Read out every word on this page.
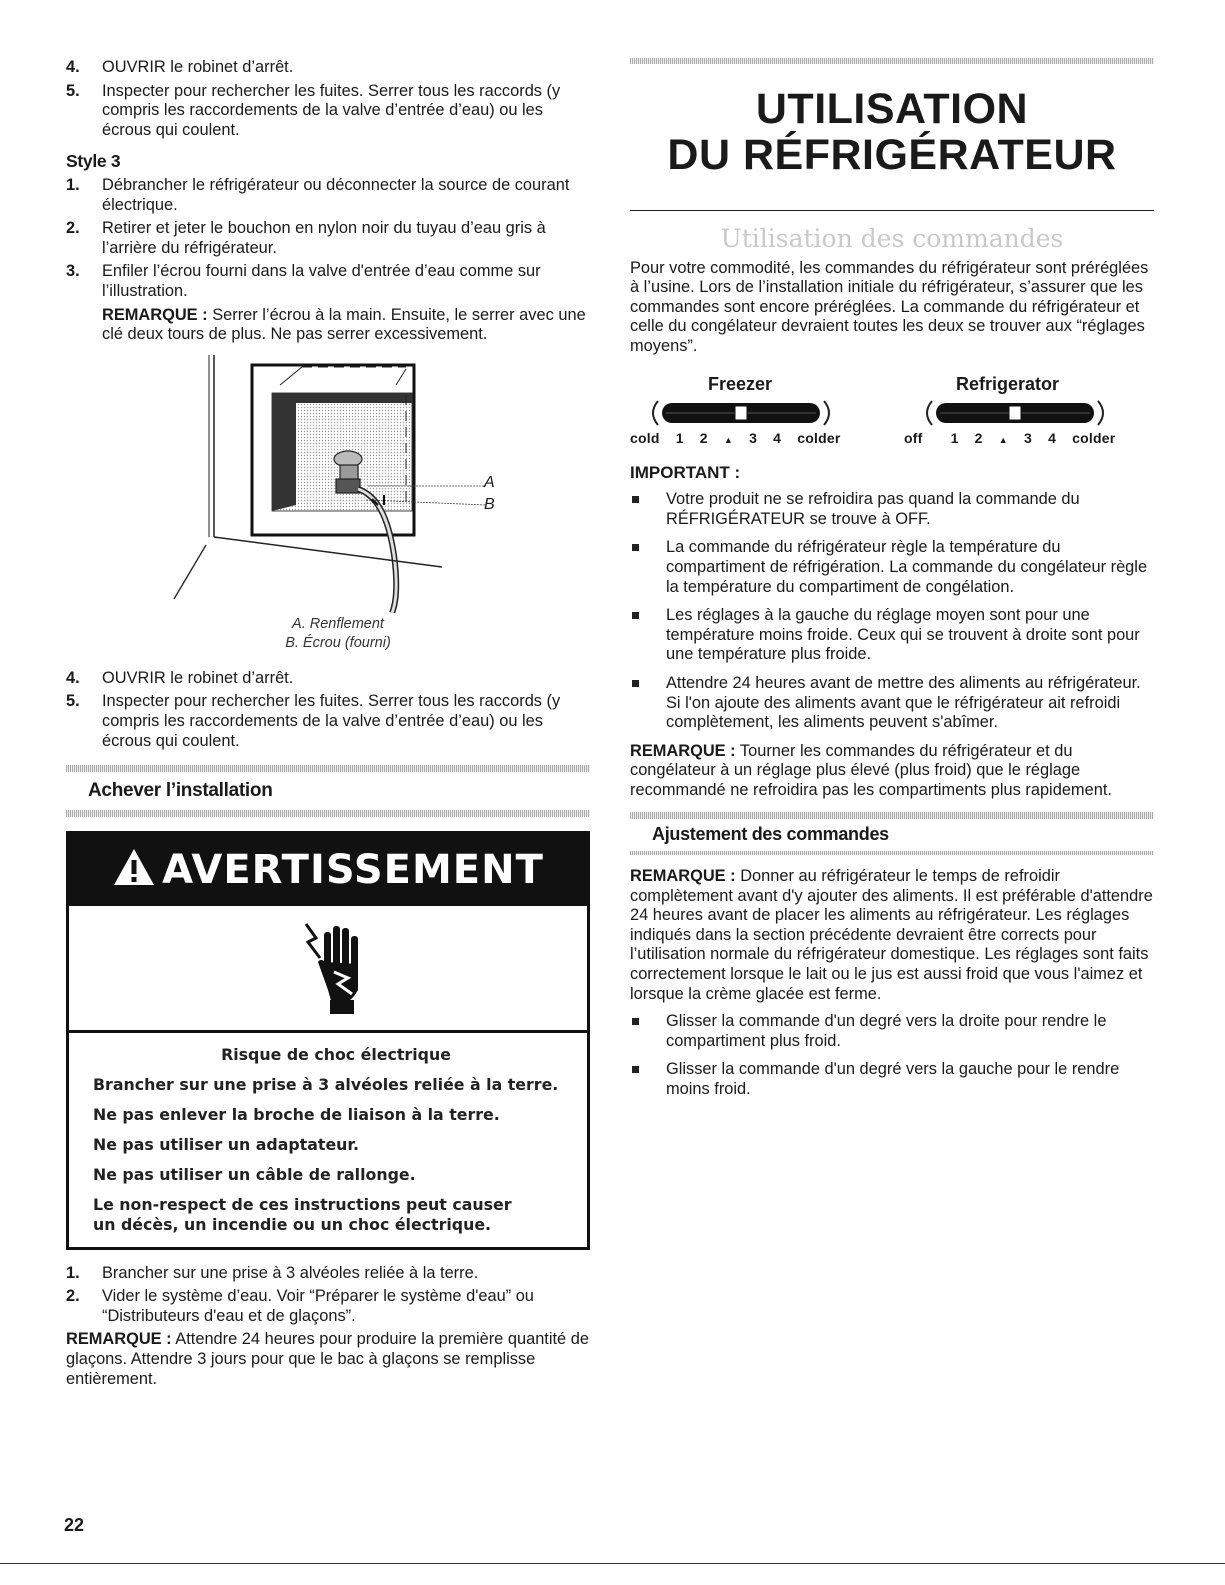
4. OUVRIR le robinet d’arrêt.
5. Inspecter pour rechercher les fuites. Serrer tous les raccords (y compris les raccordements de la valve d’entrée d’eau) ou les écrous qui coulent.
Style 3
1. Débrancher le réfrigérateur ou déconnecter la source de courant électrique.
2. Retirer et jeter le bouchon en nylon noir du tuyau d’eau gris à l’arrière du réfrigérateur.
3. Enfiler l’écrou fourni dans la valve d'entrée d’eau comme sur l’illustration.

REMARQUE : Serrer l’écrou à la main. Ensuite, le serrer avec une clé deux tours de plus. Ne pas serrer excessivement.

A
B
A. Renflement
B. Écrou (fourni)
4. OUVRIR le robinet d’arrêt.
5. Inspecter pour rechercher les fuites. Serrer tous les raccords (y compris les raccordements de la valve d’entrée d’eau) ou les écrous qui coulent.
Achever l’installation
AVERTISSEMENT

Risque de choc électrique

Brancher sur une prise à 3 alvéoles reliée à la terre.

Ne pas enlever la broche de liaison à la terre.

Ne pas utiliser un adaptateur.

Ne pas utiliser un câble de rallonge.

Le non-respect de ces instructions peut causer un décès, un incendie ou un choc électrique.

1. Brancher sur une prise à 3 alvéoles reliée à la terre.
2. Vider le système d’eau. Voir “Préparer le système d'eau” ou “Distributeurs d'eau et de glaçons”.

REMARQUE : Attendre 24 heures pour produire la première quantité de glaçons. Attendre 3 jours pour que le bac à glaçons se remplisse entièrement.

UTILISATION
DU RÉFRIGÉRATEUR
Utilisation des commandes

Pour votre commodité, les commandes du réfrigérateur sont préréglées à l’usine. Lors de l’installation initiale du réfrigérateur, s’assurer que les commandes sont encore préréglées. La commande du réfrigérateur et celle du congélateur devraient toutes les deux se trouver aux “réglages moyens”.

Freezer	Refrigerator
cold 1 2 ▲ 3 4 colder	off 1 2 ▲ 3 4 colder
IMPORTANT :
Votre produit ne se refroidira pas quand la commande du RÉFRIGÉRATEUR se trouve à OFF.
La commande du réfrigérateur règle la température du compartiment de réfrigération. La commande du congélateur règle la température du compartiment de congélation.
Les réglages à la gauche du réglage moyen sont pour une température moins froide. Ceux qui se trouvent à droite sont pour une température plus froide.
Attendre 24 heures avant de mettre des aliments au réfrigérateur. Si l'on ajoute des aliments avant que le réfrigérateur ait refroidi complètement, les aliments peuvent s'abîmer.

REMARQUE : Tourner les commandes du réfrigérateur et du congélateur à un réglage plus élevé (plus froid) que le réglage recommandé ne refroidira pas les compartiments plus rapidement.

Ajustement des commandes

REMARQUE : Donner au réfrigérateur le temps de refroidir complètement avant d'y ajouter des aliments. Il est préférable d'attendre 24 heures avant de placer les aliments au réfrigérateur. Les réglages indiqués dans la section précédente devraient être corrects pour l’utilisation normale du réfrigérateur domestique. Les réglages sont faits correctement lorsque le lait ou le jus est aussi froid que vous l'aimez et lorsque la crème glacée est ferme.

Glisser la commande d'un degré vers la droite pour rendre le compartiment plus froid.
Glisser la commande d'un degré vers la gauche pour le rendre moins froid.
22
